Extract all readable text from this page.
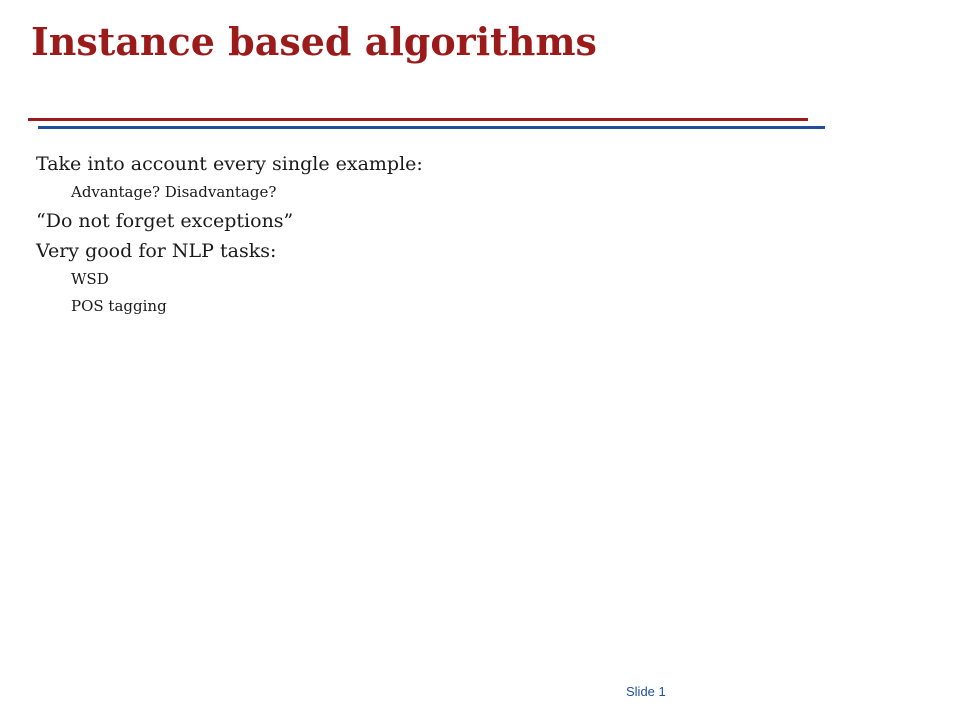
Instance based algorithms
Take into account every single example:
Advantage? Disadvantage?
“Do not forget exceptions”
Very good for NLP tasks:
WSD
POS tagging
Slide 1
